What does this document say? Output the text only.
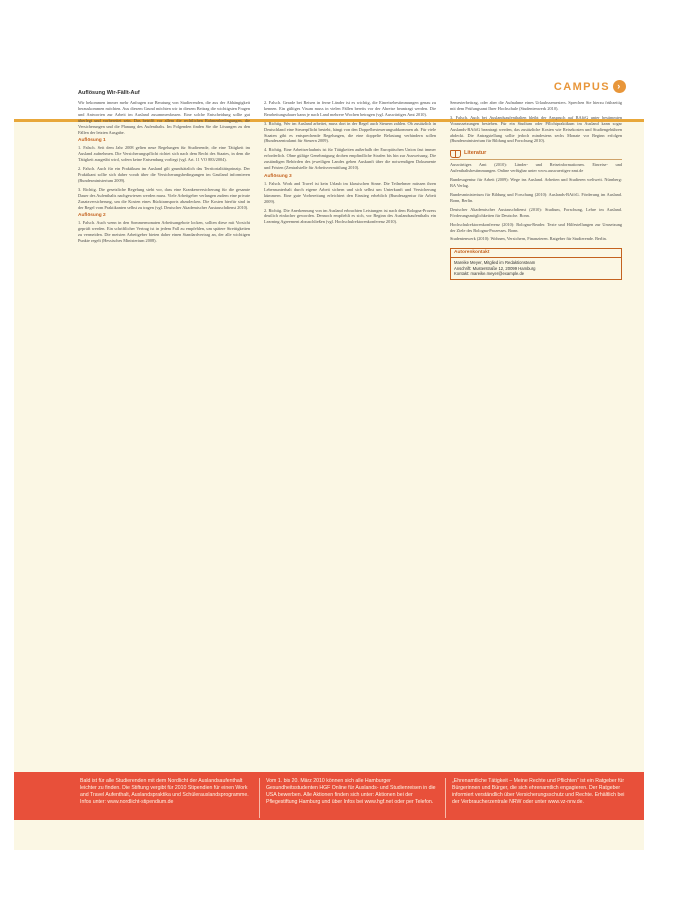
CAMPUS ›
Auflösung Wir-Fällt-Auf

Wir bekommen immer mehr Anfragen zur Beratung von Studierenden, die aus der Abhängigkeit herauskommen möchten. Aus diesem Grund möchten wir in diesem Beitrag die wichtigsten Fragen und Antworten zur Arbeit im Ausland zusammenfassen. Eine solche Entscheidung sollte gut überlegt und vorbereitet sein. Das betrifft vor allem die rechtlichen Rahmenbedingungen, die Versicherungen und die Planung des Aufenthalts. Im Folgenden finden Sie die Lösungen zu den Fällen der letzten Ausgabe.

Auflösung 1

1. Falsch. Seit dem Jahr 2008 gelten neue Regelungen für Studierende, die eine Tätigkeit im Ausland aufnehmen. Die Versicherungspflicht richtet sich nach dem Recht des Staates, in dem die Tätigkeit ausgeübt wird, sofern keine Entsendung vorliegt (vgl. Art. 11 VO 883/2004).

2. Falsch. Auch für ein Praktikum im Ausland gilt grundsätzlich das Territorialitätsprinzip. Der Praktikant sollte sich daher vorab über die Versicherungsbedingungen im Gastland informieren (Bundesministerium 2009).

3. Richtig. Die gesetzliche Regelung sieht vor, dass eine Krankenversicherung für die gesamte Dauer des Aufenthalts nachgewiesen werden muss. Viele Arbeitgeber verlangen zudem eine private Zusatzversicherung, um die Kosten eines Rücktransports abzudecken. Die Kosten hierfür sind in der Regel vom Praktikanten selbst zu tragen (vgl. Deutscher Akademischer Austauschdienst 2010).

Auflösung 2

1. Falsch. Auch wenn in den Sommermonaten Arbeitsangebote locken, sollten diese mit Vorsicht geprüft werden. Ein schriftlicher Vertrag ist in jedem Fall zu empfehlen, um spätere Streitigkeiten zu vermeiden. Die meisten Arbeitgeber bieten daher einen Standardvertrag an, der alle wichtigen Punkte regelt (Hessisches Ministerium 2008).

2. Falsch. Gerade bei Reisen in ferne Länder ist es wichtig, die Einreisebestimmungen genau zu kennen. Ein gültiges Visum muss in vielen Fällen bereits vor der Abreise beantragt werden. Die Bearbeitungsdauer kann je nach Land mehrere Wochen betragen (vgl. Auswärtiges Amt 2010).

3. Richtig. Wer im Ausland arbeitet, muss dort in der Regel auch Steuern zahlen. Ob zusätzlich in Deutschland eine Steuerpflicht besteht, hängt von den Doppelbesteuerungsabkommen ab. Für viele Staaten gibt es entsprechende Regelungen, die eine doppelte Belastung verhindern sollen (Bundeszentralamt für Steuern 2009).

4. Richtig. Eine Arbeitserlaubnis ist für Tätigkeiten außerhalb der Europäischen Union fast immer erforderlich. Ohne gültige Genehmigung drohen empfindliche Strafen bis hin zur Ausweisung. Die zuständigen Behörden des jeweiligen Landes geben Auskunft über die notwendigen Dokumente und Fristen (Zentralstelle für Arbeitsvermittlung 2010).

Auflösung 3

1. Falsch. Work and Travel ist kein Urlaub im klassischen Sinne. Die Teilnehmer müssen ihren Lebensunterhalt durch eigene Arbeit sichern und sich selbst um Unterkunft und Versicherung kümmern. Eine gute Vorbereitung erleichtert den Einstieg erheblich (Bundesagentur für Arbeit 2009).

2. Richtig. Die Anerkennung von im Ausland erbrachten Leistungen ist nach dem Bologna-Prozess deutlich einfacher geworden. Dennoch empfiehlt es sich, vor Beginn des Auslandsaufenthalts ein Learning Agreement abzuschließen (vgl. Hochschulrektorenkonferenz 2010).

Semesterbeitrag, oder aber die Aufnahme eines Urlaubssemesters. Sprechen Sie hierzu frühzeitig mit dem Prüfungsamt Ihrer Hochschule (Studentenwerk 2010).

3. Falsch. Auch bei Auslandsaufenthalten bleibt der Anspruch auf BAföG unter bestimmten Voraussetzungen bestehen. Für ein Studium oder Pflichtpraktikum im Ausland kann sogar Auslands-BAföG beantragt werden, das zusätzliche Kosten wie Reisekosten und Studiengebühren abdeckt. Die Antragstellung sollte jedoch mindestens sechs Monate vor Beginn erfolgen (Bundesministerium für Bildung und Forschung 2010).

Literatur

Auswärtiges Amt (2010): Länder- und Reiseinformationen. Einreise- und Aufenthaltsbestimmungen. Online verfügbar unter www.auswaertiges-amt.de

Bundesagentur für Arbeit (2009): Wege ins Ausland. Arbeiten und Studieren weltweit. Nürnberg: BA Verlag.

Bundesministerium für Bildung und Forschung (2010): Auslands-BAföG. Förderung im Ausland. Bonn, Berlin.

Deutscher Akademischer Austauschdienst (2010): Studium, Forschung, Lehre im Ausland. Förderungsmöglichkeiten für Deutsche. Bonn.

Hochschulrektorenkonferenz (2010): Bologna-Reader. Texte und Hilfestellungen zur Umsetzung der Ziele des Bologna-Prozesses. Bonn.

Studentenwerk (2010): Wohnen, Versichern, Finanzieren. Ratgeber für Studierende. Berlin.

Autorenkontakt
Mareike Meyer, Mitglied im Redaktionsteam
Anschrift: Musterstraße 12, 20099 Hamburg
Kontakt: mareike.meyer@example.de
Bald ist für alle Studierenden mit dem Nordlicht der Auslandsaufenthalt leichter zu finden. Die Stiftung vergibt für 2010 Stipendien für einen Work and Travel Aufenthalt, Auslandspraktika und Schülerauslandsprogramme. Infos unter: www.nordlicht-stipendium.de
Vom 1. bis 20. März 2010 können sich alle Hamburger Gesundheitsstudenten HGF Online für Auslands- und Studienreisen in die USA bewerben. Alle Aktionen finden sich unter: Aktionen bei der Pflegestiftung Hamburg und über Infos bei www.hgf.net oder per Telefon.
„Ehrenamtliche Tätigkeit – Meine Rechte und Pflichten“ ist ein Ratgeber für Bürgerinnen und Bürger, die sich ehrenamtlich engagieren. Der Ratgeber informiert verständlich über Versicherungsschutz und Rechte. Erhältlich bei der Verbraucherzentrale NRW oder unter www.vz-nrw.de.
